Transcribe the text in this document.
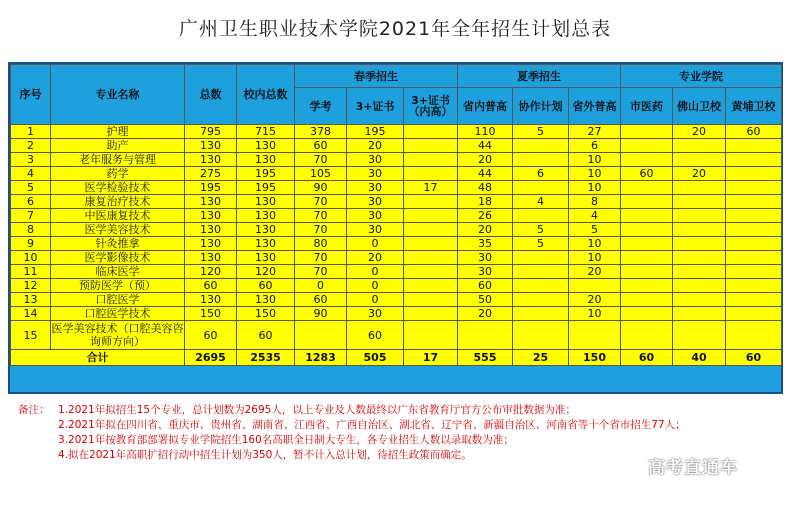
广州卫生职业技术学院2021年全年招生计划总表
序号	专业名称	总数	校内总数	春季招生			夏季招生			专业学院		
				学考	3+证书	3+证书（内高）	省内普高	协作计划	省外普高	市医药	佛山卫校	黄埔卫校
1	护理	795	715	378	195		110	5	27		20	60
2	助产	130	130	60	20		44		6			
3	老年服务与管理	130	130	70	30		20		10			
4	药学	275	195	105	30		44	6	10	60	20	
5	医学检验技术	195	195	90	30	17	48		10			
6	康复治疗技术	130	130	70	30		18	4	8			
7	中医康复技术	130	130	70	30		26		4			
8	医学美容技术	130	130	70	30		20	5	5			
9	针灸推拿	130	130	80	0		35	5	10			
10	医学影像技术	130	130	70	20		30		10			
11	临床医学	120	120	70	0		30		20			
12	预防医学（预）	60	60	0	0		60					
13	口腔医学	130	130	60	0		50		20			
14	口腔医学技术	150	150	90	30		20		10			
15	医学美容技术（口腔美容咨询师方向）	60	60		60							
合计		2695	2535	1283	505	17	555	25	150	60	40	60
备注： 1.2021年拟招生15个专业，总计划数为2695人，以上专业及人数最终以广东省教育厅官方公布审批数据为准；
2.2021年拟在四川省、重庆市、贵州省、湖南省、江西省、广西自治区、湖北省、辽宁省、新疆自治区、河南省等十个省市招生77人；
3.2021年按教育部部署拟专业学院招生160名高职全日制大专生，各专业招生人数以录取数为准；
4.拟在2021年高职扩招行动中招生计划为350人，暂不计入总计划，待招生政策而确定。
高考直通车
